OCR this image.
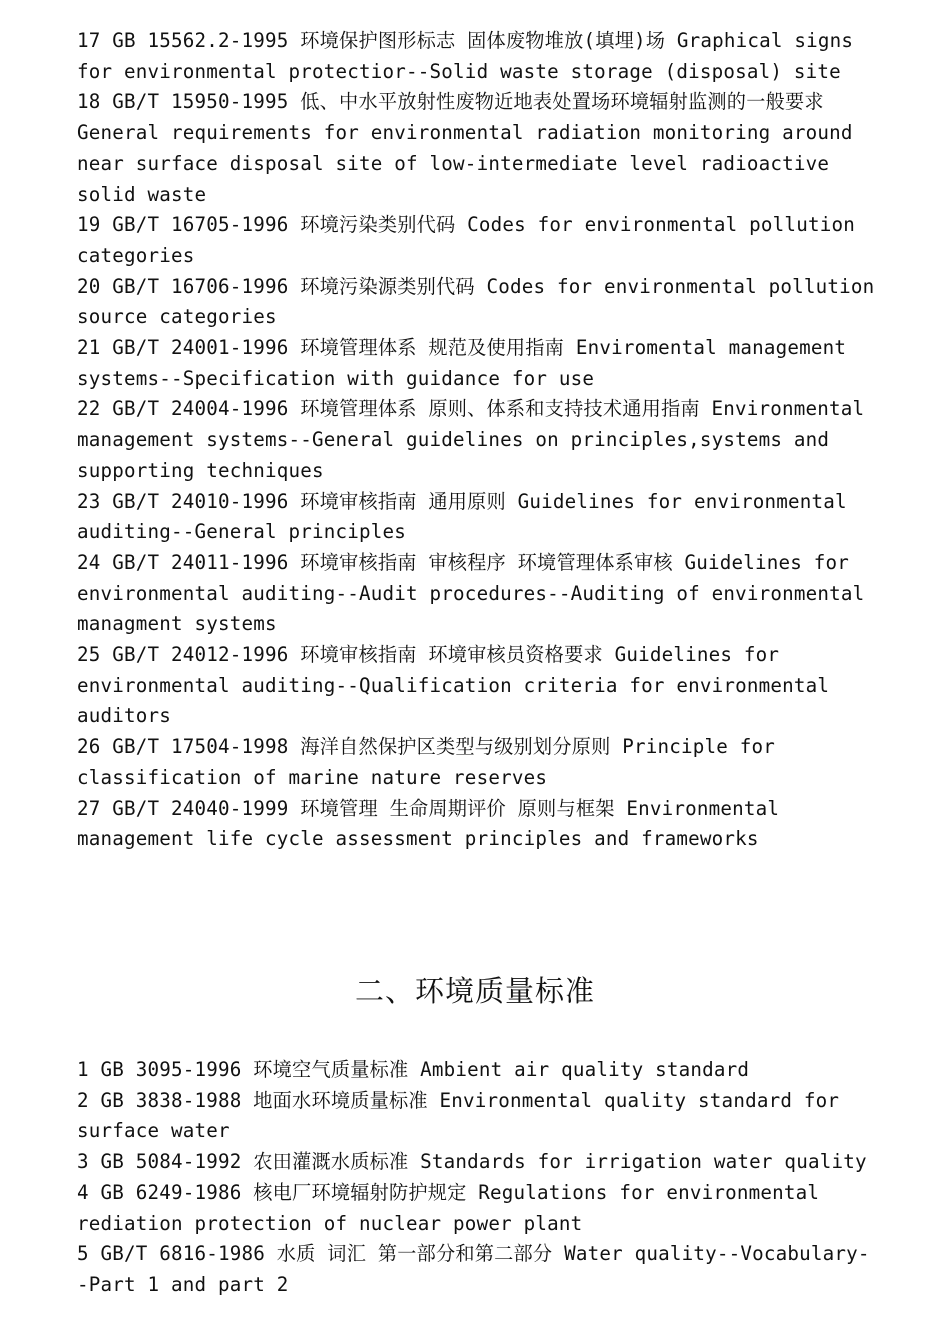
17 GB 15562.2-1995 环境保护图形标志 固体废物堆放(填埋)场 Graphical signs for environmental protectior--Solid waste storage (disposal) site

18 GB/T 15950-1995 低、中水平放射性废物近地表处置场环境辐射监测的一般要求 General requirements for environmental radiation monitoring around near surface disposal site of low-intermediate level radioactive solid waste

19 GB/T 16705-1996 环境污染类别代码 Codes for environmental pollution categories

20 GB/T 16706-1996 环境污染源类别代码 Codes for environmental pollution source categories

21 GB/T 24001-1996 环境管理体系 规范及使用指南 Enviromental management systems--Specification with guidance for use

22 GB/T 24004-1996 环境管理体系 原则、体系和支持技术通用指南 Environmental management systems--General guidelines on principles,systems and supporting techniques

23 GB/T 24010-1996 环境审核指南 通用原则 Guidelines for environmental auditing--General principles

24 GB/T 24011-1996 环境审核指南 审核程序 环境管理体系审核 Guidelines for environmental auditing--Audit procedures--Auditing of environmental managment systems

25 GB/T 24012-1996 环境审核指南 环境审核员资格要求 Guidelines for environmental auditing--Qualification criteria for environmental auditors

26 GB/T 17504-1998 海洋自然保护区类型与级别划分原则 Principle for classification of marine nature reserves

27 GB/T 24040-1999 环境管理 生命周期评价 原则与框架 Environmental management life cycle assessment principles and frameworks

二、环境质量标准

1 GB 3095-1996 环境空气质量标准 Ambient air quality standard

2 GB 3838-1988 地面水环境质量标准 Environmental quality standard for surface water

3 GB 5084-1992 农田灌溉水质标准 Standards for irrigation water quality

4 GB 6249-1986 核电厂环境辐射防护规定 Regulations for environmental rediation protection of nuclear power plant

5 GB/T 6816-1986 水质 词汇 第一部分和第二部分 Water quality--Vocabulary--Part 1 and part 2
